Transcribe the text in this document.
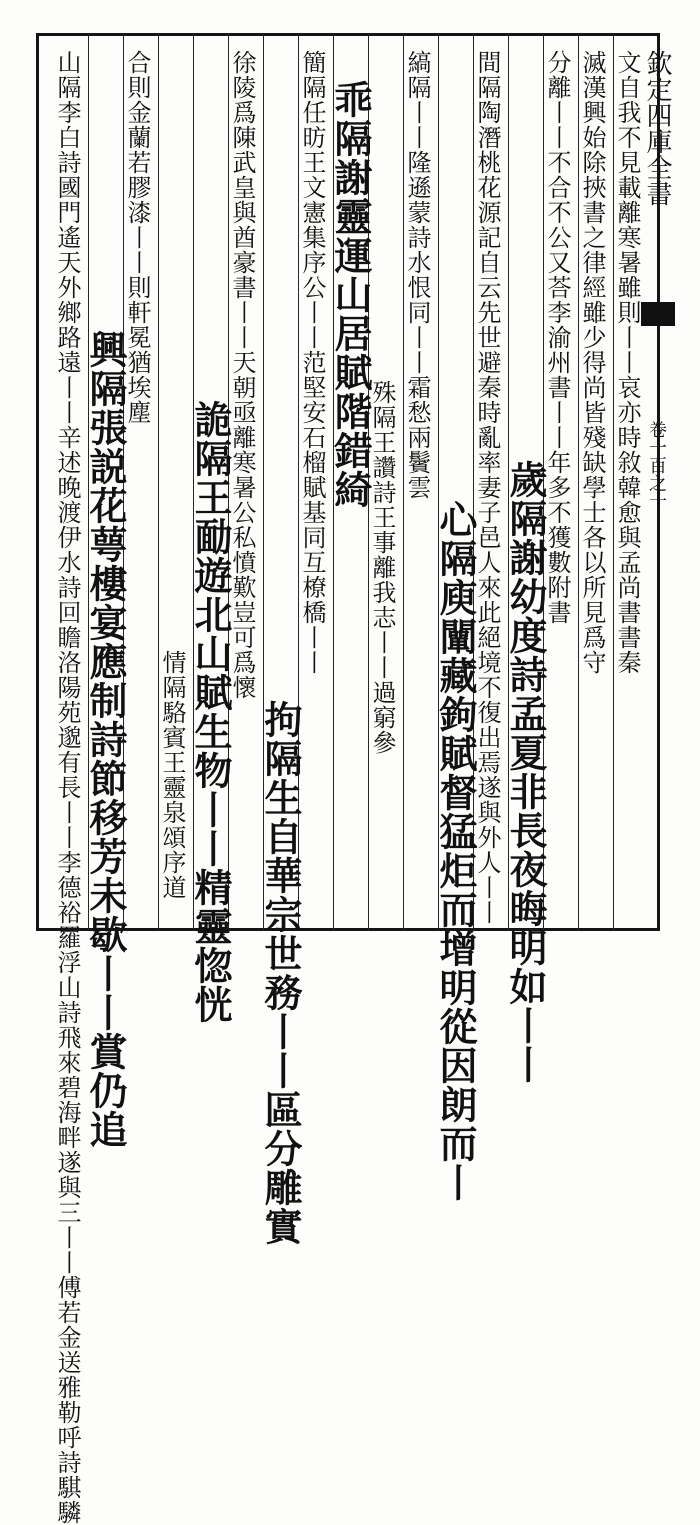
欽定四庫全書
卷一百之十
文自我不見載離寒暑雖則丨丨哀亦時敘韓愈與孟尚書書秦
滅漢興始除挾書之律經雖少得尚皆殘缺學士各以所見爲守
分離丨丨不合不公又荅李渝州書丨丨年多不獲數附書
歲隔謝幼度詩孟夏非長夜晦明如丨丨
間隔陶潛桃花源記自云先世避秦時亂率妻子邑人來此絕境不復出焉遂與外人丨丨
心隔庾闡藏鉤賦督猛炬而增明從因朗而丨
縞隔丨丨隆遜蒙詩水恨同丨丨霜愁兩鬢雲
殊隔王讚詩王事離我志丨丨過窮參
乖隔謝靈運山居賦階錯綺
簡隔任昉王文憲集序公丨丨范堅安石榴賦基同互橑橋丨丨
拘隔生自華宗世務丨丨區分雕實
徐陵爲陳武皇與酋豪書丨丨天朝亟離寒暑公私憤歎豈可爲懷
詭隔王勔遊北山賦生物丨丨精靈惚恍
情隔駱賓王靈泉頌序道
合則金蘭若膠漆丨丨則軒冕猶埃塵
興隔張説花萼樓宴應制詩節移芳未歇丨丨賞仍追
山隔李白詩國門遙天外鄉路遠丨丨辛述晚渡伊水詩回瞻洛陽苑邈有長丨丨李德裕羅浮山詩飛來碧海畔遂與三丨丨傅若金送雅勒呼詩騏驎
